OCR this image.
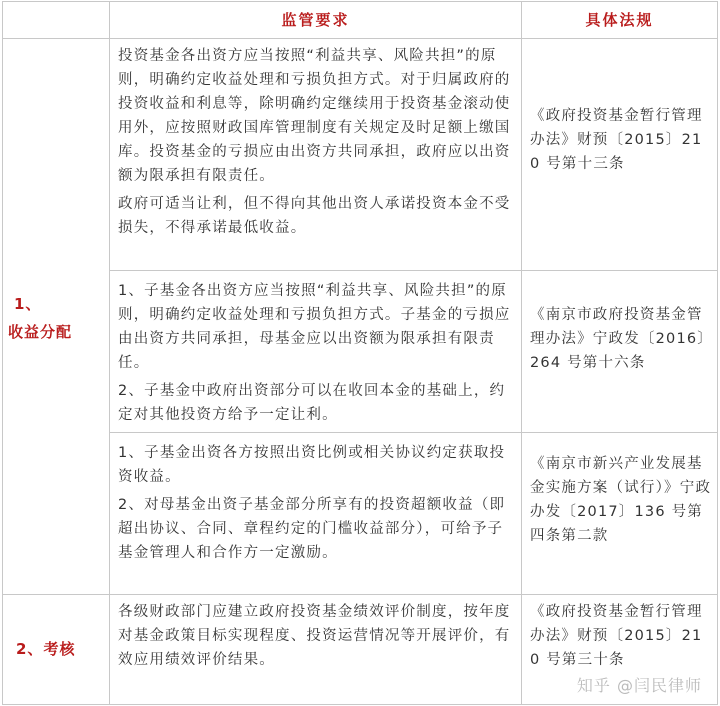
监管要求	具体法规
1、
收益分配
2、考核

投资基金各出资方应当按照“利益共享、风险共担”的原则，明确约定收益处理和亏损负担方式。对于归属政府的投资收益和利息等，除明确约定继续用于投资基金滚动使用外，应按照财政国库管理制度有关规定及时足额上缴国库。投资基金的亏损应由出资方共同承担，政府应以出资额为限承担有限责任。

政府可适当让利，但不得向其他出资人承诺投资本金不受损失，不得承诺最低收益。

《政府投资基金暂行管理办法》财预〔2015〕210 号第十三条

1、子基金各出资方应当按照“利益共享、风险共担”的原则，明确约定收益处理和亏损负担方式。子基金的亏损应由出资方共同承担，母基金应以出资额为限承担有限责任。

2、子基金中政府出资部分可以在收回本金的基础上，约定对其他投资方给予一定让利。

《南京市政府投资基金管理办法》宁政发〔2016〕264 号第十六条

1、子基金出资各方按照出资比例或相关协议约定获取投资收益。

2、对母基金出资子基金部分所享有的投资超额收益（即超出协议、合同、章程约定的门槛收益部分），可给予子基金管理人和合作方一定激励。

《南京市新兴产业发展基金实施方案（试行）》宁政办发〔2017〕136 号第四条第二款

各级财政部门应建立政府投资基金绩效评价制度，按年度对基金政策目标实现程度、投资运营情况等开展评价，有效应用绩效评价结果。

《政府投资基金暂行管理办法》财预〔2015〕210 号第三十条
知乎 @闫民律师
